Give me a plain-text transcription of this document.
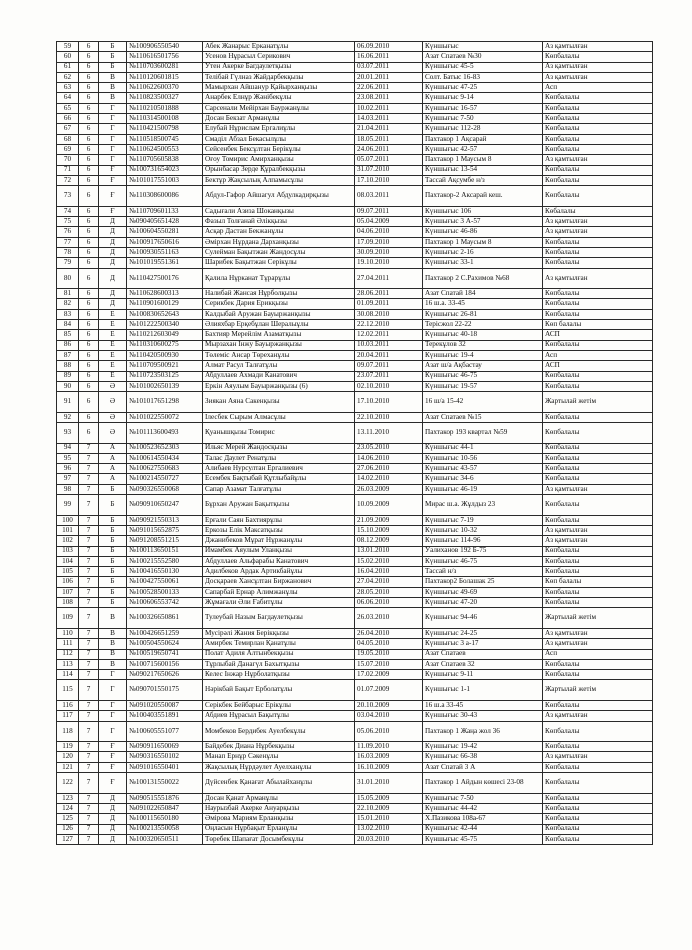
59	6	Б	№100906550540	Абек Жанарыс Ерканатұлы	06.09.2010	Күншығыс	Аз қамтылған
60	6	Б	№110616501756	Усенов Нұрасыл Серикович	16.06.2011	Азат Спатаев №30	Көпбалалы
61	6	Б	№110703600281	Утен Акерке Багдаулетқызы	03.07.2011	Күншығыс 45-5	Аз қамтылған
62	6	В	№110120601815	Телібай Гүлназ Жайдарбекқызы	20.01.2011	Солт. Батыс 16-83	Аз қамтылған
63	6	В	№110622600370	Мамырхан Айшануp Қайырханқызы	22.06.2011	Күншығыс 47-25	Асп
64	6	В	№110823500327	Анарбек Елнұр Жәнібекұлы	23.08.2011	Күншығыс 9-14	Көпбалалы
65	6	Г	№110210501888	Сарсенали Мейірхан Бауржанұлы	10.02.2011	Күншығыс 16-57	Көпбалалы
66	6	Г	№110314500108	Досан Бекзат Арманұлы	14.03.2011	Күншығыс 7-50	Көпбалалы
67	6	Г	№110421500798	Елубай Нұрислам Ергалиұлы	21.04.2011	Күншығыс 112-28	Көпбалалы
68	6	Г	№110518500745	Смаділ Абзал Бекасылұлы	18.05.2011	Пахтакор 1 Ақсарай	Көпбалалы
69	6	Г	№110624500553	Сейсенбек Бексұлтан Берікұлы	24.06.2011	Күншығыс 42-57	Көпбалалы
70	6	Г	№110705605838	Оғоу Томирис Амирханқызы	05.07.2011	Пахтакор 1 Маусым 8	Аз қамтылған
71	6	Ғ	№100731654023	Орынбасар Зерде Құралбекқызы	31.07.2010	Күншығыс 13-54	Көпбалалы
72	6	Ғ	№101017551003	Бектұр Жақсылық Алпамысұлы	17.10.2010	Тассай Ақсумбе н/з	Көпбалалы
73	6	Ғ	№110308600086	Абдул-Гафор Айшагул Абдулкадирқызы	08.03.2011	Пахтакор-2 Аксарай кеш.	Көпбалалы
74	6	Ғ	№110709601133	Садығали Азиза Шоканқызы	09.07.2011	Күншығыс 106	Көбалалы
75	6	Д	№090405651428	Фазыл Толғанай Әлікқызы	05.04.2009	Күншығыс 3 А-57	Аз қамтылған
76	6	Д	№100604550281	Асқар Дастан Бекжанұлы	04.06.2010	Күншығыс 46-86	Аз қамтылған
77	6	Д	№100917650616	Әмірхан Нұрдана Дарханқызы	17.09.2010	Пахтакор 1 Маусым 8	Көпбалалы
78	6	Д	№100930551163	Сулейман Бақытжан Жандосұлы	30.09.2010	Күншығыс 2-16	Көпбалалы
79	6	Д	№101019551361	Шарибек Бақытжан Серікұлы	19.10.2010	Күншығыс 33-1	Көпбалалы
80	6	Д	№110427500176	Қалила Нұрканат Тұрарұлы	27.04.2011	Пахтакор 2 С.Рахимов №68	Аз қамтылған
81	6	Д	№110628600313	Налибай Жансая Нұрболқызы	28.06.2011	Азат Спатай 184	Көпбалалы
82	6	Д	№110901600129	Серикбек Дария Ерикқызы	01.09.2011	16 ш.а. 33-45	Көпбалалы
83	6	Е	№100830652643	Калдыбай Аружан Бауыржанқызы	30.08.2010	Күншығыс 26-81	Көпбалалы
84	6	Е	№101222500340	Әлияхбар Ерқебұлан Шералыұлы	22.12.2010	Терісжол 22-22	Көп балалы
85	6	Е	№110212603049	Бахтияр Мерейлім Азаматқызы	12.02.2011	Күншығыс 40-18	АСП
86	6	Е	№110310600275	Мырзахан Інжу Бауыржанқызы	10.03.2011	Терекұлов 32	Көпбалалы
87	6	Е	№110420500930	Төлеміс Ансар Төреханұлы	20.04.2011	Күншығыс 19-4	Асп
88	6	Е	№110709500921	Алмат Расул Талғатұлы	09.07.2011	Азат ш/а Ақбастау	АСП
89	6	Е	№110723503125	Абдуллаев Ахмади Канатович	23.07.2011	Күншығыс 46-75	Көпбалалы
90	6	Ә	№101002650139	Еркін Аяулым Бауыржанқызы (6)	02.10.2010	Күншығыс 19-57	Көпбалалы
91	6	Ә	№101017651298	Зиякан Аяна Сакенқызы	17.10.2010	16 ш/а 15-42	Жартылай жетім
92	6	Ә	№101022550072	Ілесбек Сырым Алмасұлы	22.10.2010	Азат Спатаев №15	Көпбалалы
93	6	Ә	№101113600493	Қуанышқызы Томирис	13.11.2010	Пахтакор 193 квартал №59	Көпбалалы
94	7	А	№100523652303	Ильяс Мерей Жандосқызы	23.05.2010	Күншығыс 44-1	Көпбалалы
95	7	А	№100614550434	Талас Даулет Ренатұлы	14.06.2010	Күншығыс 10-56	Көпбалалы
96	7	А	№100627550683	Алибаев Нурсултан Ергалиевич	27.06.2010	Күншығыс 43-57	Көпбалалы
97	7	А	№100214550727	Есембек Бақтыбай Құтлыбайұлы	14.02.2010	Күншығыс 34-6	Көпбалалы
98	7	Б	№090326550068	Сапар Азамат Талғатұлы	26.03.2009	Күншығыс 46-19	Аз қамтылған
99	7	Б	№090910650247	Бұрхан Аружан Бақытқызы	10.09.2009	Мирас ш.а. Жұлдыз 23	Көпбалалы
100	7	Б	№090921550313	Ерғали Саян Бахтиярұлы	21.09.2009	Күншығыс 7-19	Көпбалалы
101	7	Б	№091015652875	Еркозы Елік Максатқызы	15.10.2009	Күншығыс 10-32	Аз қамтылған
102	7	Б	№091208551215	Джанибеков Мұрат Нұржанұлы	08.12.2009	Күншығыс 114-96	Аз қамтылған
103	7	Б	№100113650151	Имамбек Аяулым Уланқызы	13.01.2010	Уалиханов 192 Б-75	Көпбалалы
104	7	Б	№100215552580	Абдуллаев Альфарабы Канатович	15.02.2010	Күншығыс 46-75	Көпбалалы
105	7	Б	№100416550130	Адилбеков Ардак Артикбайұлы	16.04.2010	Тассай н/з	Көпбалалы
106	7	Б	№100427550061	Досқараев Хансұлтан Биржанович	27.04.2010	Пахтакор2 Болашак 25	Көп балалы
107	7	Б	№100528500133	Сапарбай Ернар Алимжанұлы	28.05.2010	Күншығыс 49-69	Көпбалалы
108	7	Б	№100606553742	Жұмағали Әли Ғабитұлы	06.06.2010	Күншығыс 47-20	Көпбалалы
109	7	В	№100326650861	Тулеубай Назым Багдаулетқызы	26.03.2010	Күншығыс 94-46	Жартылай жетім
110	7	В	№100426651259	Мусірәлі Жания Берікқызы	26.04.2010	Күншығыс 24-25	Аз қамтылған
111	7	В	№100504550624	Амирбек Темирлан Қанатұлы	04.05.2010	Күншығыс 3 а-17	Аз қамтылған
112	7	В	№100519650741	Полат Адиля Алтынбекқызы	19.05.2010	Азат Спатаев	Асп
113	7	В	№100715600156	Тұрлыбай Данагүл Бахытқызы	15.07.2010	Азат Спатаев 32	Көпбалалы
114	7	Г	№090217650626	Келес Інжар Нұрболатқызы	17.02.2009	Күншығыс 9-11	Көпбалалы
115	7	Г	№090701550175	Нәрікбай Бақыт Ерболатұлы	01.07.2009	Күншығыс 1-1	Жартылай жетім
116	7	Г	№091020550087	Серікбек Бейбарыс Ерікұлы	20.10.2009	16 ш.а 33-45	Көпбалалы
117	7	Г	№100403551891	Абдиев Нұрасыл Бақытұлы	03.04.2010	Күншығыс 30-43	Аз қамтылған
118	7	Г	№100605551077	Момбеков Бердибек Ауелбекұлы	05.06.2010	Пахтакор 1 Жаңа жол 36	Көпбалалы
119	7	Ғ	№090911650069	Байдебек Диана Нұрбекқызы	11.09.2010	Күншығыс 19-42	Көпбалалы
120	7	Ғ	№090316550102	Манап Ернұр Сәкенұлы	16.03.2009	Күншығыс 66-38	Аз қамтылған
121	7	Ғ	№091016550401	Жақсылық Нұрдәулет Ауелханұлы	16.10.2009	Азат Спатай 3 А	Көпбалалы
122	7	Ғ	№100131550022	Дүйсенбек Қанағат Абылайханұлы	31.01.2010	Пахтакор 1 Айдын көшесі 23-08	Көпбалалы
123	7	Д	№090515551876	Досан Қанат Арманұлы	15.05.2009	Күншығыс 7-50	Көпбалалы
124	7	Д	№091022650847	Наурызбай Акерке Ануарқызы	22.10.2009	Күншығыс 44-42	Көпбалалы
125	7	Д	№100115650180	Әмірова Мариям Ерланқызы	15.01.2010	Х.Пазикова 108а-67	Көпбалалы
126	7	Д	№100213550058	Оңласын Нұрбақыт Ерланұлы	13.02.2010	Күншығыс 42-44	Көпбалалы
127	7	Д	№100320650511	Төребек Шапағат Досымбекұлы	20.03.2010	Күншығыс 45-75	Көпбалалы
